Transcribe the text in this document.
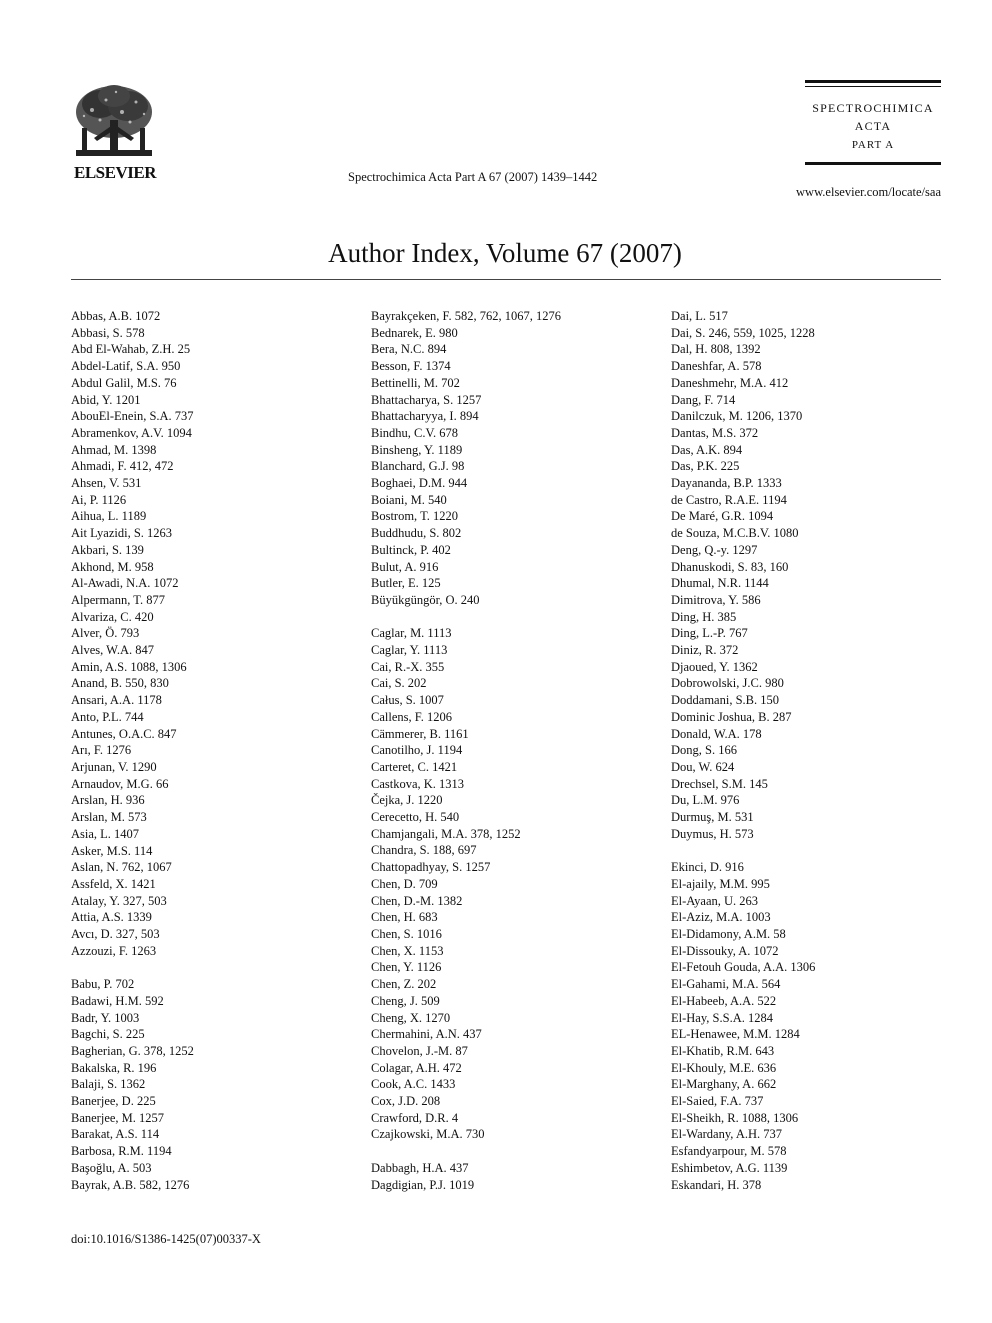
ELSEVIER	Spectrochimica Acta Part A 67 (2007) 1439–1442
SPECTROCHIMICA
ACTA
PART A
www.elsevier.com/locate/saa
Author Index, Volume 67 (2007)
Abbas, A.B. 1072
Abbasi, S. 578
Abd El-Wahab, Z.H. 25
Abdel-Latif, S.A. 950
Abdul Galil, M.S. 76
Abid, Y. 1201
AbouEl-Enein, S.A. 737
Abramenkov, A.V. 1094
Ahmad, M. 1398
Ahmadi, F. 412, 472
Ahsen, V. 531
Ai, P. 1126
Aihua, L. 1189
Ait Lyazidi, S. 1263
Akbari, S. 139
Akhond, M. 958
Al-Awadi, N.A. 1072
Alpermann, T. 877
Alvariza, C. 420
Alver, Ö. 793
Alves, W.A. 847
Amin, A.S. 1088, 1306
Anand, B. 550, 830
Ansari, A.A. 1178
Anto, P.L. 744
Antunes, O.A.C. 847
Arı, F. 1276
Arjunan, V. 1290
Arnaudov, M.G. 66
Arslan, H. 936
Arslan, M. 573
Asia, L. 1407
Asker, M.S. 114
Aslan, N. 762, 1067
Assfeld, X. 1421
Atalay, Y. 327, 503
Attia, A.S. 1339
Avcı, D. 327, 503
Azzouzi, F. 1263
Babu, P. 702
Badawi, H.M. 592
Badr, Y. 1003
Bagchi, S. 225
Bagherian, G. 378, 1252
Bakalska, R. 196
Balaji, S. 1362
Banerjee, D. 225
Banerjee, M. 1257
Barakat, A.S. 114
Barbosa, R.M. 1194
Başoğlu, A. 503
Bayrak, A.B. 582, 1276
Bayrakçeken, F. 582, 762, 1067, 1276
Bednarek, E. 980
Bera, N.C. 894
Besson, F. 1374
Bettinelli, M. 702
Bhattacharya, S. 1257
Bhattacharyya, I. 894
Bindhu, C.V. 678
Binsheng, Y. 1189
Blanchard, G.J. 98
Boghaei, D.M. 944
Boiani, M. 540
Bostrom, T. 1220
Buddhudu, S. 802
Bultinck, P. 402
Bulut, A. 916
Butler, E. 125
Büyükgüngör, O. 240
Caglar, M. 1113
Caglar, Y. 1113
Cai, R.-X. 355
Cai, S. 202
Całus, S. 1007
Callens, F. 1206
Cämmerer, B. 1161
Canotilho, J. 1194
Carteret, C. 1421
Castkova, K. 1313
Čejka, J. 1220
Cerecetto, H. 540
Chamjangali, M.A. 378, 1252
Chandra, S. 188, 697
Chattopadhyay, S. 1257
Chen, D. 709
Chen, D.-M. 1382
Chen, H. 683
Chen, S. 1016
Chen, X. 1153
Chen, Y. 1126
Chen, Z. 202
Cheng, J. 509
Cheng, X. 1270
Chermahini, A.N. 437
Chovelon, J.-M. 87
Colagar, A.H. 472
Cook, A.C. 1433
Cox, J.D. 208
Crawford, D.R. 4
Czajkowski, M.A. 730
Dabbagh, H.A. 437
Dagdigian, P.J. 1019
Dai, L. 517
Dai, S. 246, 559, 1025, 1228
Dal, H. 808, 1392
Daneshfar, A. 578
Daneshmehr, M.A. 412
Dang, F. 714
Danilczuk, M. 1206, 1370
Dantas, M.S. 372
Das, A.K. 894
Das, P.K. 225
Dayananda, B.P. 1333
de Castro, R.A.E. 1194
De Maré, G.R. 1094
de Souza, M.C.B.V. 1080
Deng, Q.-y. 1297
Dhanuskodi, S. 83, 160
Dhumal, N.R. 1144
Dimitrova, Y. 586
Ding, H. 385
Ding, L.-P. 767
Diniz, R. 372
Djaoued, Y. 1362
Dobrowolski, J.C. 980
Doddamani, S.B. 150
Dominic Joshua, B. 287
Donald, W.A. 178
Dong, S. 166
Dou, W. 624
Drechsel, S.M. 145
Du, L.M. 976
Durmuş, M. 531
Duymus, H. 573
Ekinci, D. 916
El-ajaily, M.M. 995
El-Ayaan, U. 263
El-Aziz, M.A. 1003
El-Didamony, A.M. 58
El-Dissouky, A. 1072
El-Fetouh Gouda, A.A. 1306
El-Gahami, M.A. 564
El-Habeeb, A.A. 522
El-Hay, S.S.A. 1284
EL-Henawee, M.M. 1284
El-Khatib, R.M. 643
El-Khouly, M.E. 636
El-Marghany, A. 662
El-Saied, F.A. 737
El-Sheikh, R. 1088, 1306
El-Wardany, A.H. 737
Esfandyarpour, M. 578
Eshimbetov, A.G. 1139
Eskandari, H. 378
doi:10.1016/S1386-1425(07)00337-X
